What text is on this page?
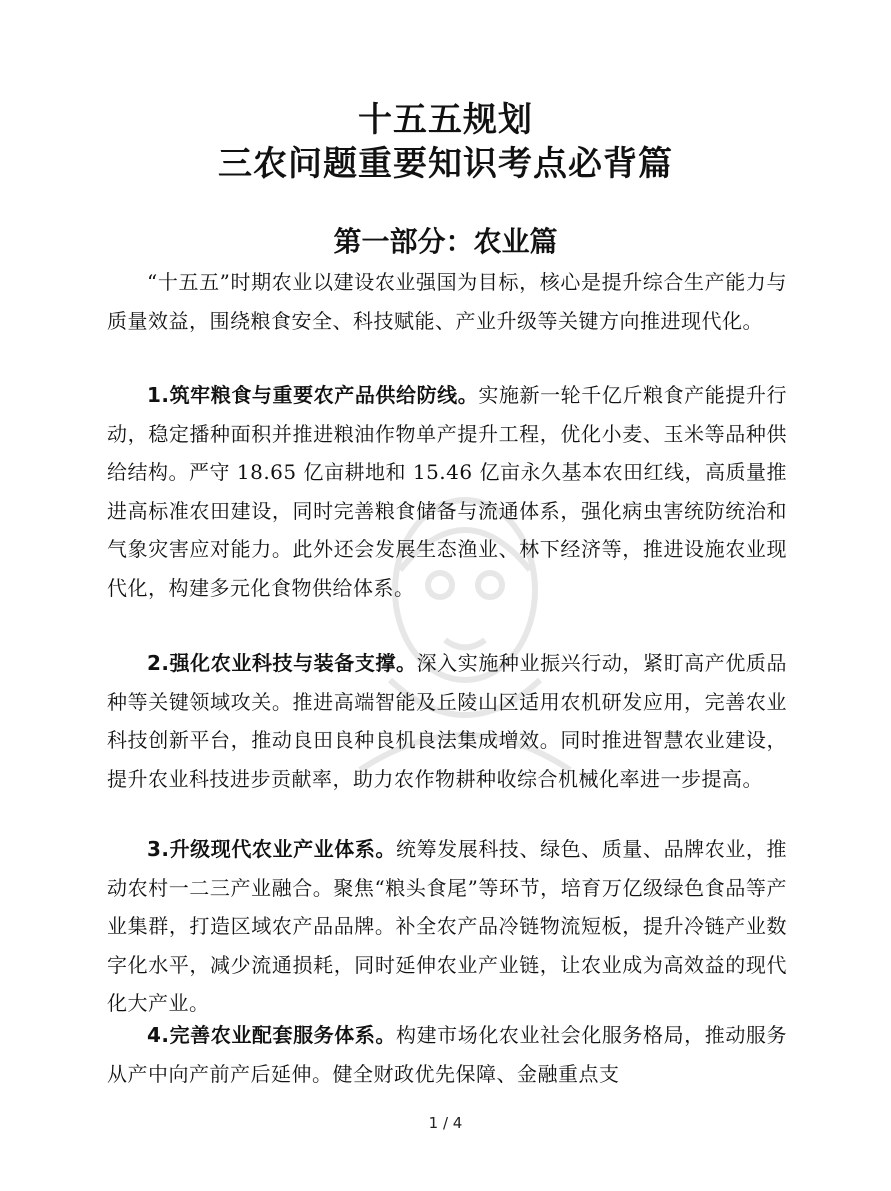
十五五规划
三农问题重要知识考点必背篇
第一部分：农业篇

“十五五”时期农业以建设农业强国为目标，核心是提升综合生产能力与质量效益，围绕粮食安全、科技赋能、产业升级等关键方向推进现代化。

1.筑牢粮食与重要农产品供给防线。实施新一轮千亿斤粮食产能提升行动，稳定播种面积并推进粮油作物单产提升工程，优化小麦、玉米等品种供给结构。严守 18.65 亿亩耕地和 15.46 亿亩永久基本农田红线，高质量推进高标准农田建设，同时完善粮食储备与流通体系，强化病虫害统防统治和气象灾害应对能力。此外还会发展生态渔业、林下经济等，推进设施农业现代化，构建多元化食物供给体系。

2.强化农业科技与装备支撑。深入实施种业振兴行动，紧盯高产优质品种等关键领域攻关。推进高端智能及丘陵山区适用农机研发应用，完善农业科技创新平台，推动良田良种良机良法集成增效。同时推进智慧农业建设，提升农业科技进步贡献率，助力农作物耕种收综合机械化率进一步提高。

3.升级现代农业产业体系。统筹发展科技、绿色、质量、品牌农业，推动农村一二三产业融合。聚焦“粮头食尾”等环节，培育万亿级绿色食品等产业集群，打造区域农产品品牌。补全农产品冷链物流短板，提升冷链产业数字化水平，减少流通损耗，同时延伸农业产业链，让农业成为高效益的现代化大产业。

4.完善农业配套服务体系。构建市场化农业社会化服务格局，推动服务从产中向产前产后延伸。健全财政优先保障、金融重点支

1 / 4
